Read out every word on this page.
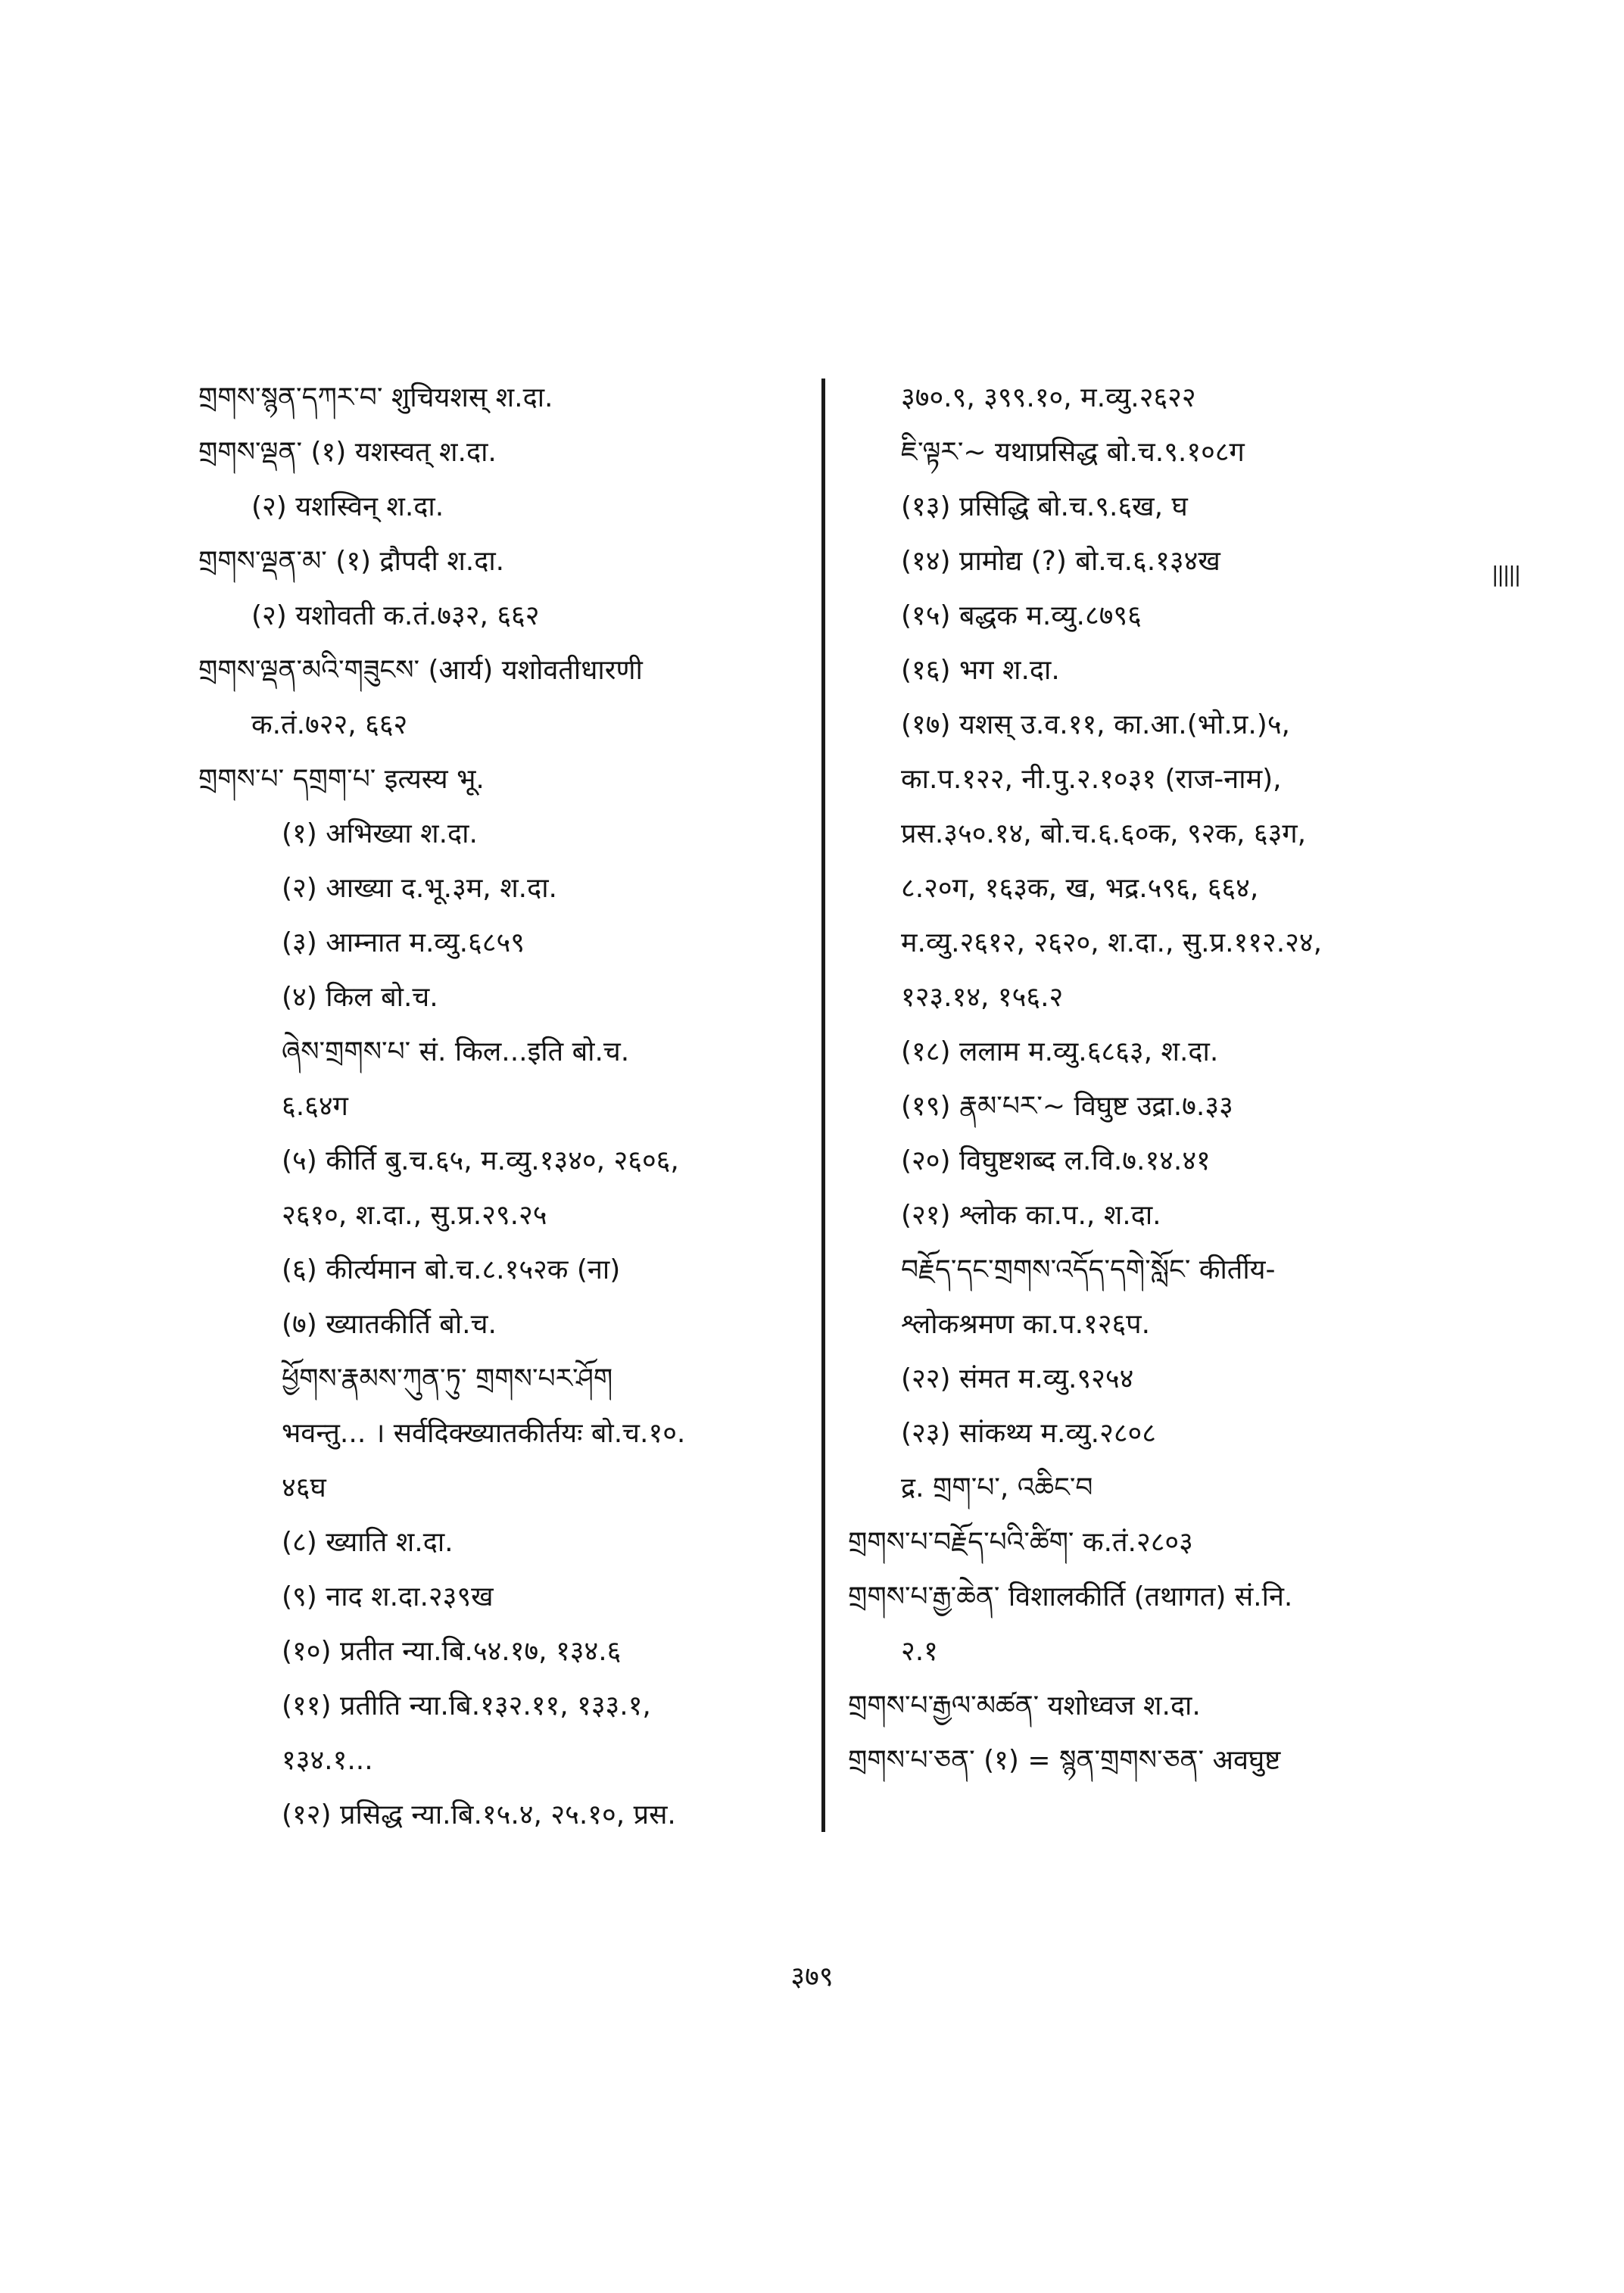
གྲགས་སྙན་དཀར་བ་ शुचियशस् श.दा.
གྲགས་ལྡན་ (१) यशस्वत् श.दा.
(२) यशस्विन् श.दा.
གྲགས་ལྡན་མ་ (१) द्रौपदी श.दा.
(२) यशोवती क.तं.७३२, ६६२
གྲགས་ལྡན་མའི་གཟུངས་ (आर्य) यशोवतीधारणी
क.तं.७२२, ६६२
གྲགས་པ་ དགྲག་པ་ इत्यस्य भू.
(१) अभिख्या श.दा.
(२) आख्या द.भू.३म, श.दा.
(३) आम्नात म.व्यु.६८५९
(४) किल बो.च.
ཞེས་གྲགས་པ་ सं. किल...इति बो.च.
६.६४ग
(५) कीर्ति बु.च.६५, म.व्यु.१३४०, २६०६,
२६१०, श.दा., सु.प्र.२९.२५
(६) कीर्त्यमान बो.च.८.१५२क (ना)
(७) ख्यातकीर्ति बो.च.
ཕྱོགས་རྣམས་ཀུན་ཏུ་ གྲགས་པར་ཤོག
भवन्तु... । सर्वदिक्ख्यातकीर्तयः बो.च.१०.
४६घ
(८) ख्याति श.दा.
(९) नाद श.दा.२३९ख
(१०) प्रतीत न्या.बि.५४.१७, १३४.६
(११) प्रतीति न्या.बि.१३२.११, १३३.१,
१३४.१...
(१२) प्रसिद्ध न्या.बि.१५.४, २५.१०, प्रस.
३७०.९, ३९९.१०, म.व्यु.२६२२
ཇི་ལྟར་~ यथाप्रसिद्ध बो.च.९.१०८ग
(१३) प्रसिद्धि बो.च.९.६ख, घ
(१४) प्रामोद्य (?) बो.च.६.१३४ख
(१५) बद्धक म.व्यु.८७९६
(१६) भग श.दा.
(१७) यशस् उ.व.११, का.आ.(भो.प्र.)५,
का.प.१२२, नी.पु.२.१०३१ (राज-नाम),
प्रस.३५०.१४, बो.च.६.६०क, ९२क, ६३ग,
८.२०ग, १६३क, ख, भद्र.५९६, ६६४,
म.व्यु.२६१२, २६२०, श.दा., सु.प्र.११२.२४,
१२३.१४, १५६.२
(१८) ललाम म.व्यु.६८६३, श.दा.
(१९) རྣམ་པར་~ विघुष्ट उद्रा.७.३३
(२०) विघुष्टशब्द ल.वि.७.१४.४१
(२१) श्लोक का.प., श.दा.
བརྗོད་དང་གྲགས་འདོད་དགེ་སློང་ कीर्तीय-
श्लोकश्रमण का.प.१२६प.
(२२) संमत म.व्यु.९२५४
(२३) सांकथ्य म.व्यु.२८०८
द्र. གྲག་པ་, འཆིང་བ
གྲགས་པ་བརྗོད་པའི་ཚིག་ क.तं.२८०३
གྲགས་པ་རྒྱ་ཆེན་ विशालकीर्ति (तथागत) सं.नि.
२.१
གྲགས་པ་རྒྱལ་མཚན་ यशोध्वज श.दा.
གྲགས་པ་ཅན་ (१) = སྙན་གྲགས་ཅན་ अवघुष्ट
|||||
३७९
